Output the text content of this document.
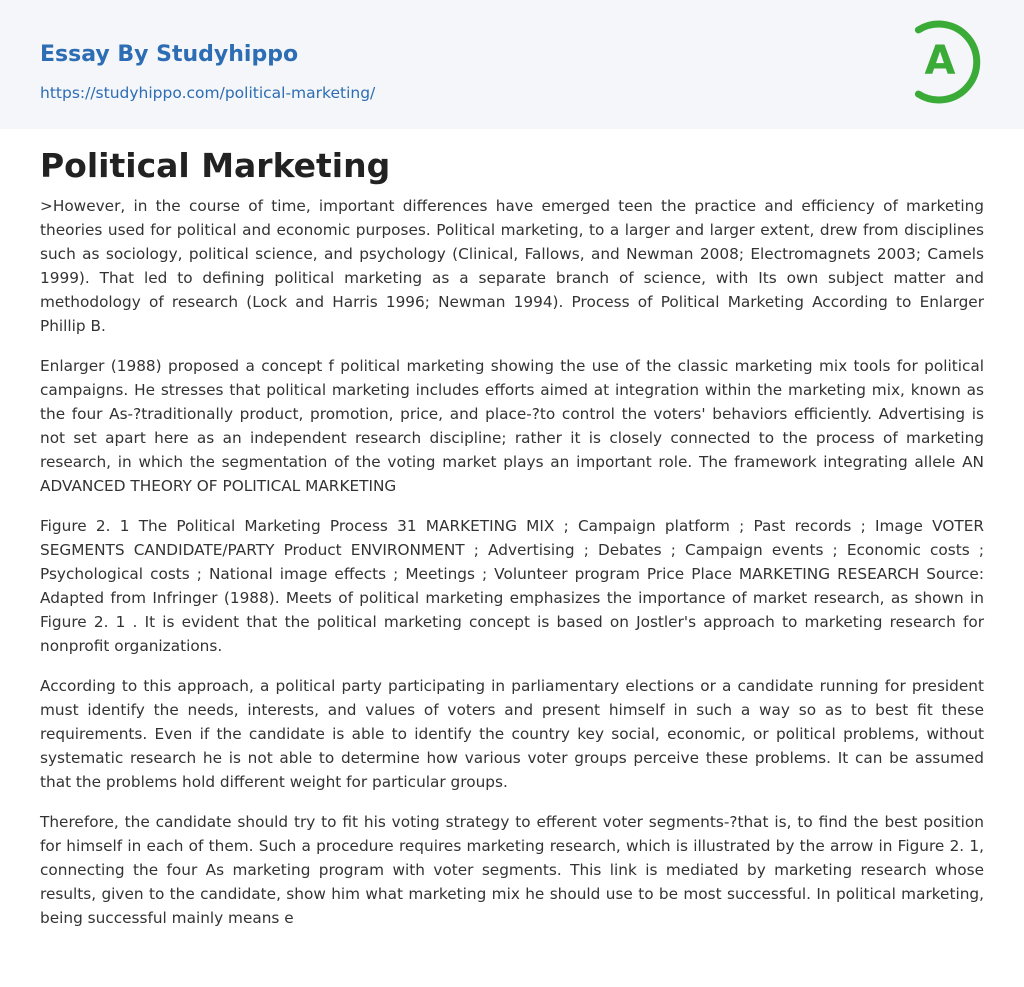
Essay By Studyhippo
https://studyhippo.com/political-marketing/
A
Political Marketing

>However, in the course of time, important differences have emerged teen the practice and efficiency of marketing theories used for political and economic purposes. Political marketing, to a larger and larger extent, drew from disciplines such as sociology, political science, and psychology (Clinical, Fallows, and Newman 2008; Electromagnets 2003; Camels 1999). That led to defining political marketing as a separate branch of science, with Its own subject matter and methodology of research (Lock and Harris 1996; Newman 1994). Process of Political Marketing According to Enlarger Phillip B.

Enlarger (1988) proposed a concept f political marketing showing the use of the classic marketing mix tools for political campaigns. He stresses that political marketing includes efforts aimed at integration within the marketing mix, known as the four As-?traditionally product, promotion, price, and place-?to control the voters' behaviors efficiently. Advertising is not set apart here as an independent research discipline; rather it is closely connected to the process of marketing research, in which the segmentation of the voting market plays an important role. The framework integrating allele AN ADVANCED THEORY OF POLITICAL MARKETING

Figure 2. 1 The Political Marketing Process 31 MARKETING MIX ; Campaign platform ; Past records ; Image VOTER SEGMENTS CANDIDATE/PARTY Product ENVIRONMENT ; Advertising ; Debates ; Campaign events ; Economic costs ; Psychological costs ; National image effects ; Meetings ; Volunteer program Price Place MARKETING RESEARCH Source: Adapted from Infringer (1988). Meets of political marketing emphasizes the importance of market research, as shown in Figure 2. 1 . It is evident that the political marketing concept is based on Jostler's approach to marketing research for nonprofit organizations.

According to this approach, a political party participating in parliamentary elections or a candidate running for president must identify the needs, interests, and values of voters and present himself in such a way so as to best fit these requirements. Even if the candidate is able to identify the country key social, economic, or political problems, without systematic research he is not able to determine how various voter groups perceive these problems. It can be assumed that the problems hold different weight for particular groups.

Therefore, the candidate should try to fit his voting strategy to efferent voter segments-?that is, to find the best position for himself in each of them. Such a procedure requires marketing research, which is illustrated by the arrow in Figure 2. 1, connecting the four As marketing program with voter segments. This link is mediated by marketing research whose results, given to the candidate, show him what marketing mix he should use to be most successful. In political marketing, being successful mainly means e
